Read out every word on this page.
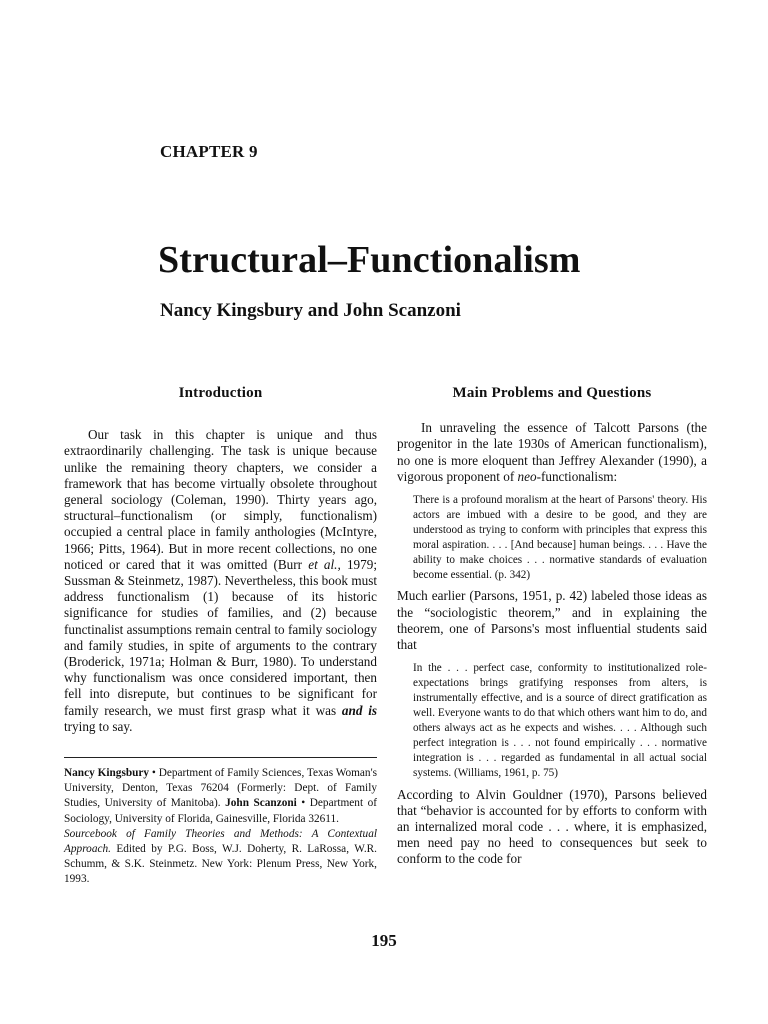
CHAPTER 9
Structural–Functionalism
Nancy Kingsbury and John Scanzoni
Introduction

Our task in this chapter is unique and thus extraordinarily challenging. The task is unique because unlike the remaining theory chapters, we consider a framework that has become virtually obsolete throughout general sociology (Coleman, 1990). Thirty years ago, structural–functionalism (or simply, functionalism) occupied a central place in family anthologies (McIntyre, 1966; Pitts, 1964). But in more recent collections, no one noticed or cared that it was omitted (Burr et al., 1979; Sussman & Steinmetz, 1987). Nevertheless, this book must address functionalism (1) because of its historic significance for studies of families, and (2) because functinalist assumptions remain central to family sociology and family studies, in spite of arguments to the contrary (Broderick, 1971a; Holman & Burr, 1980). To understand why functionalism was once considered important, then fell into disrepute, but continues to be significant for family research, we must first grasp what it was and is trying to say.

Nancy Kingsbury • Department of Family Sciences, Texas Woman's University, Denton, Texas 76204 (Formerly: Dept. of Family Studies, University of Manitoba). John Scanzoni • Department of Sociology, University of Florida, Gainesville, Florida 32611.
Sourcebook of Family Theories and Methods: A Contextual Approach. Edited by P.G. Boss, W.J. Doherty, R. LaRossa, W.R. Schumm, & S.K. Steinmetz. New York: Plenum Press, New York, 1993.
Main Problems and Questions

In unraveling the essence of Talcott Parsons (the progenitor in the late 1930s of American functionalism), no one is more eloquent than Jeffrey Alexander (1990), a vigorous proponent of neo-functionalism:

There is a profound moralism at the heart of Parsons' theory. His actors are imbued with a desire to be good, and they are understood as trying to conform with principles that express this moral aspiration. . . . [And because] human beings. . . . Have the ability to make choices . . . normative standards of evaluation become essential. (p. 342)

Much earlier (Parsons, 1951, p. 42) labeled those ideas as the “sociologistic theorem,” and in explaining the theorem, one of Parsons's most influential students said that

In the . . . perfect case, conformity to institutionalized role-expectations brings gratifying responses from alters, is instrumentally effective, and is a source of direct gratification as well. Everyone wants to do that which others want him to do, and others always act as he expects and wishes. . . . Although such perfect integration is . . . not found empirically . . . normative integration is . . . regarded as fundamental in all actual social systems. (Williams, 1961, p. 75)

According to Alvin Gouldner (1970), Parsons believed that “behavior is accounted for by efforts to conform with an internalized moral code . . . where, it is emphasized, men need pay no heed to consequences but seek to conform to the code for

195
